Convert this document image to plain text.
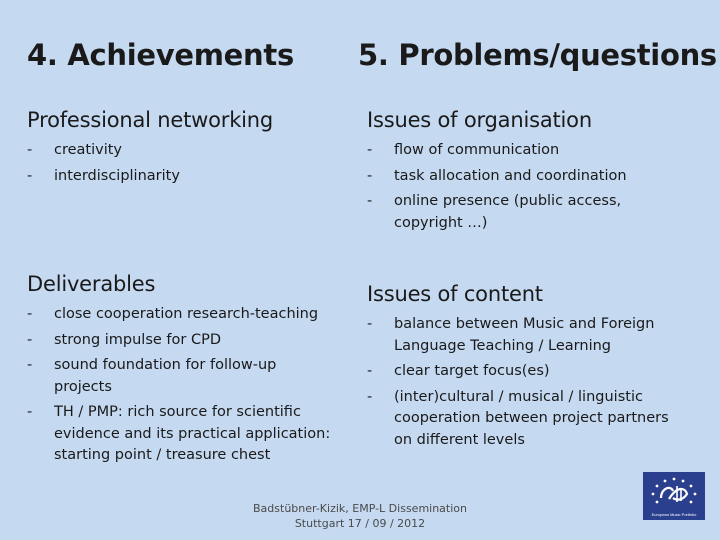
4. Achievements
Professional networking
- creativity
- interdisciplinarity
Deliverables
- close cooperation research-teaching
- strong impulse for CPD
- sound foundation for follow-up projects
- TH / PMP: rich source for scientific evidence and its practical application: starting point / treasure chest
5. Problems/questions
Issues of organisation
- flow of communication
- task allocation and coordination
- online presence (public access, copyright …)
Issues of content
- balance between Music and Foreign Language Teaching / Learning
- clear target focus(es)
- (inter)cultural / musical / linguistic cooperation between project partners on different levels
Badstübner-Kizik, EMP-L Dissemination
Stuttgart 17 / 09 / 2012
European Music Portfolio
